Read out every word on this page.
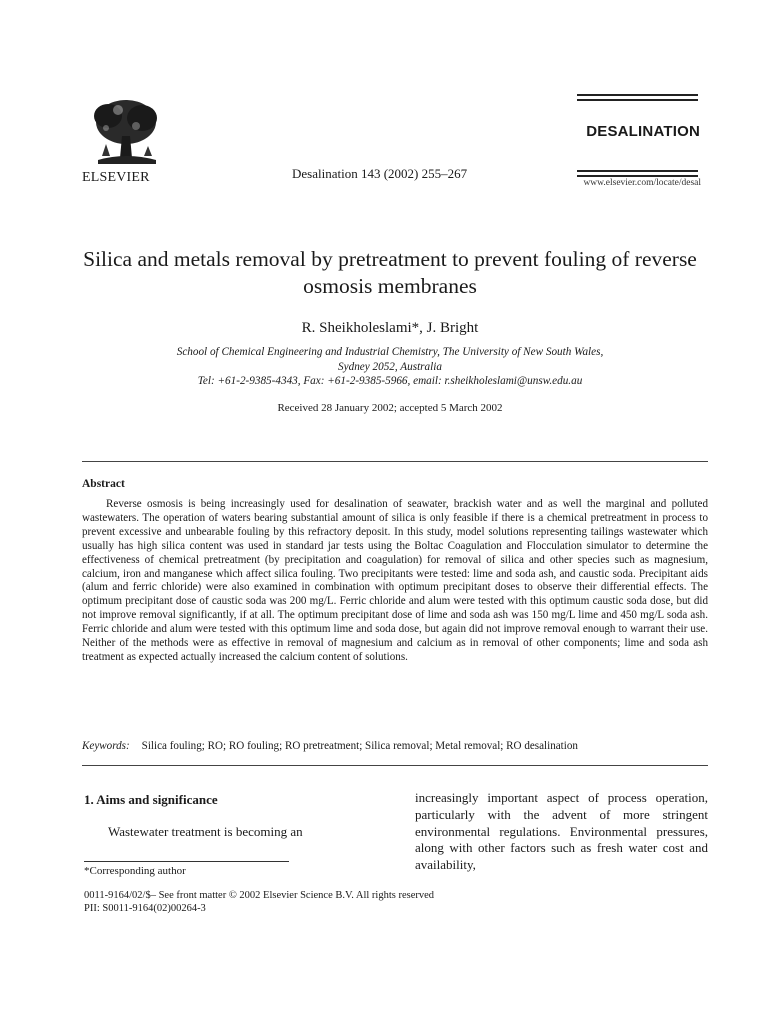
ELSEVIER	Desalination 143 (2002) 255–267
DESALINATION
www.elsevier.com/locate/desal
Silica and metals removal by pretreatment to prevent fouling of reverse osmosis membranes
R. Sheikholeslami*, J. Bright
School of Chemical Engineering and Industrial Chemistry, The University of New South Wales,
Sydney 2052, Australia
Tel: +61-2-9385-4343, Fax: +61-2-9385-5966, email: r.sheikholeslami@unsw.edu.au
Received 28 January 2002; accepted 5 March 2002
Abstract

Reverse osmosis is being increasingly used for desalination of seawater, brackish water and as well the marginal and polluted wastewaters. The operation of waters bearing substantial amount of silica is only feasible if there is a chemical pretreatment in process to prevent excessive and unbearable fouling by this refractory deposit. In this study, model solutions representing tailings wastewater which usually has high silica content was used in standard jar tests using the Boltac Coagulation and Flocculation simulator to determine the effectiveness of chemical pretreatment (by precipitation and coagulation) for removal of silica and other species such as magnesium, calcium, iron and manganese which affect silica fouling. Two precipitants were tested: lime and soda ash, and caustic soda. Precipitant aids (alum and ferric chloride) were also examined in combination with optimum precipitant doses to observe their differential effects. The optimum precipitant dose of caustic soda was 200 mg/L. Ferric chloride and alum were tested with this optimum caustic soda dose, but did not improve removal significantly, if at all. The optimum precipitant dose of lime and soda ash was 150 mg/L lime and 450 mg/L soda ash. Ferric chloride and alum were tested with this optimum lime and soda dose, but again did not improve removal enough to warrant their use. Neither of the methods were as effective in removal of magnesium and calcium as in removal of other components; lime and soda ash treatment as expected actually increased the calcium content of solutions.

Keywords: Silica fouling; RO; RO fouling; RO pretreatment; Silica removal; Metal removal; RO desalination
1. Aims and significance

Wastewater treatment is becoming an

increasingly important aspect of process operation, particularly with the advent of more stringent environmental regulations. Environmental pressures, along with other factors such as fresh water cost and availability,

*Corresponding author
0011-9164/02/$– See front matter © 2002 Elsevier Science B.V. All rights reserved
PII: S0011-9164(02)00264-3
